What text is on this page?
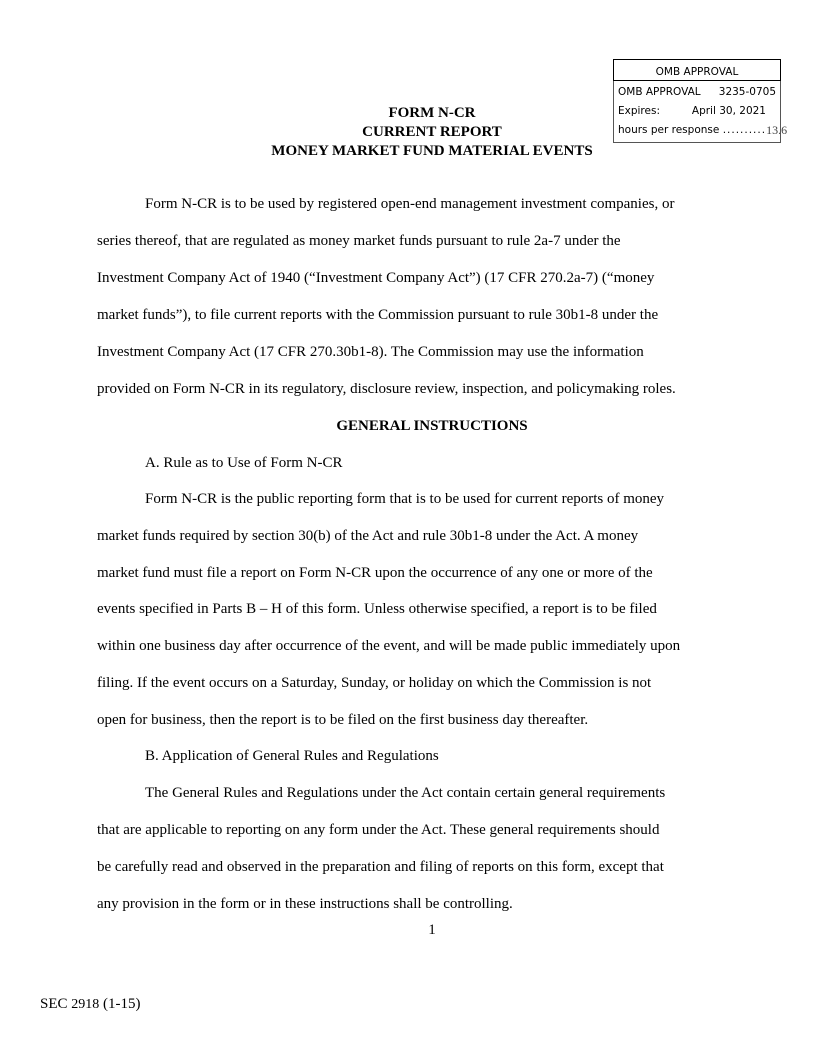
OMB APPROVAL
OMB APPROVAL 3235-0705
Expires:	April 30, 2021
hours per response .......... 13.6
FORM N-CR
CURRENT REPORT
MONEY MARKET FUND MATERIAL EVENTS
Form N-CR is to be used by registered open-end management investment companies, or
series thereof, that are regulated as money market funds pursuant to rule 2a-7 under the
Investment Company Act of 1940 (“Investment Company Act”) (17 CFR 270.2a-7) (“money
market funds”), to file current reports with the Commission pursuant to rule 30b1-8 under the
Investment Company Act (17 CFR 270.30b1-8). The Commission may use the information
provided on Form N-CR in its regulatory, disclosure review, inspection, and policymaking roles.
GENERAL INSTRUCTIONS
A. Rule as to Use of Form N-CR
Form N-CR is the public reporting form that is to be used for current reports of money
market funds required by section 30(b) of the Act and rule 30b1-8 under the Act. A money
market fund must file a report on Form N-CR upon the occurrence of any one or more of the
events specified in Parts B – H of this form. Unless otherwise specified, a report is to be filed
within one business day after occurrence of the event, and will be made public immediately upon
filing. If the event occurs on a Saturday, Sunday, or holiday on which the Commission is not
open for business, then the report is to be filed on the first business day thereafter.
B. Application of General Rules and Regulations
The General Rules and Regulations under the Act contain certain general requirements
that are applicable to reporting on any form under the Act. These general requirements should
be carefully read and observed in the preparation and filing of reports on this form, except that
any provision in the form or in these instructions shall be controlling.
1
SEC 2918 (1-15)
